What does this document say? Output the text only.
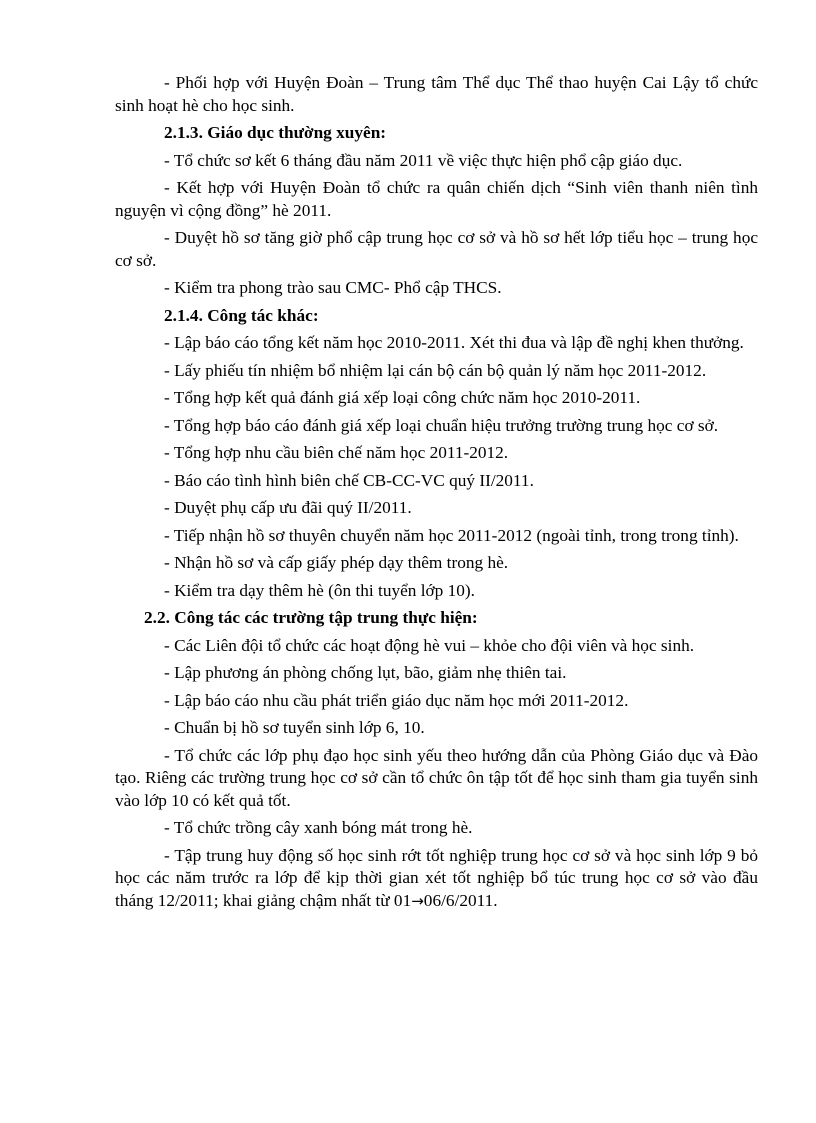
- Phối hợp với Huyện Đoàn – Trung tâm Thể dục Thể thao huyện Cai Lậy tổ chức sinh hoạt hè cho học sinh.

2.1.3. Giáo dục thường xuyên:

- Tổ chức sơ kết 6 tháng đầu năm 2011 về việc thực hiện phổ cập giáo dục.

- Kết hợp với Huyện Đoàn tổ chức ra quân chiến dịch “Sinh viên thanh niên tình nguyện vì cộng đồng” hè 2011.

- Duyệt hồ sơ tăng giờ phổ cập trung học cơ sở và hồ sơ hết lớp tiểu học – trung học cơ sở.

- Kiểm tra phong trào sau CMC- Phổ cập THCS.

2.1.4. Công tác khác:

- Lập báo cáo tổng kết năm học 2010-2011. Xét thi đua và lập đề nghị khen thưởng.

- Lấy phiếu tín nhiệm bổ nhiệm lại cán bộ cán bộ quản lý năm học 2011-2012.

- Tổng hợp kết quả đánh giá xếp loại công chức năm học 2010-2011.

- Tổng hợp báo cáo đánh giá xếp loại chuẩn hiệu trưởng trường trung học cơ sở.

- Tổng hợp nhu cầu biên chế năm học 2011-2012.

- Báo cáo tình hình biên chế CB-CC-VC quý II/2011.

- Duyệt phụ cấp ưu đãi quý II/2011.

- Tiếp nhận hồ sơ thuyên chuyển năm học 2011-2012 (ngoài tỉnh, trong trong tỉnh).

- Nhận hồ sơ và cấp giấy phép dạy thêm trong hè.

- Kiểm tra dạy thêm hè (ôn thi tuyển lớp 10).

2.2. Công tác các trường tập trung thực hiện:

- Các Liên đội tổ chức các hoạt động hè vui – khỏe cho đội viên và học sinh.

- Lập phương án phòng chống lụt, bão, giảm nhẹ thiên tai.

- Lập báo cáo nhu cầu phát triển giáo dục năm học mới 2011-2012.

- Chuẩn bị hồ sơ tuyển sinh lớp 6, 10.

- Tổ chức các lớp phụ đạo học sinh yếu theo hướng dẫn của Phòng Giáo dục và Đào tạo. Riêng các trường trung học cơ sở cần tổ chức ôn tập tốt để học sinh tham gia tuyển sinh vào lớp 10 có kết quả tốt.

- Tổ chức trồng cây xanh bóng mát trong hè.

- Tập trung huy động số học sinh rớt tốt nghiệp trung học cơ sở và học sinh lớp 9 bỏ học các năm trước ra lớp để kịp thời gian xét tốt nghiệp bổ túc trung học cơ sở vào đầu tháng 12/2011; khai giảng chậm nhất từ 01→06/6/2011.
